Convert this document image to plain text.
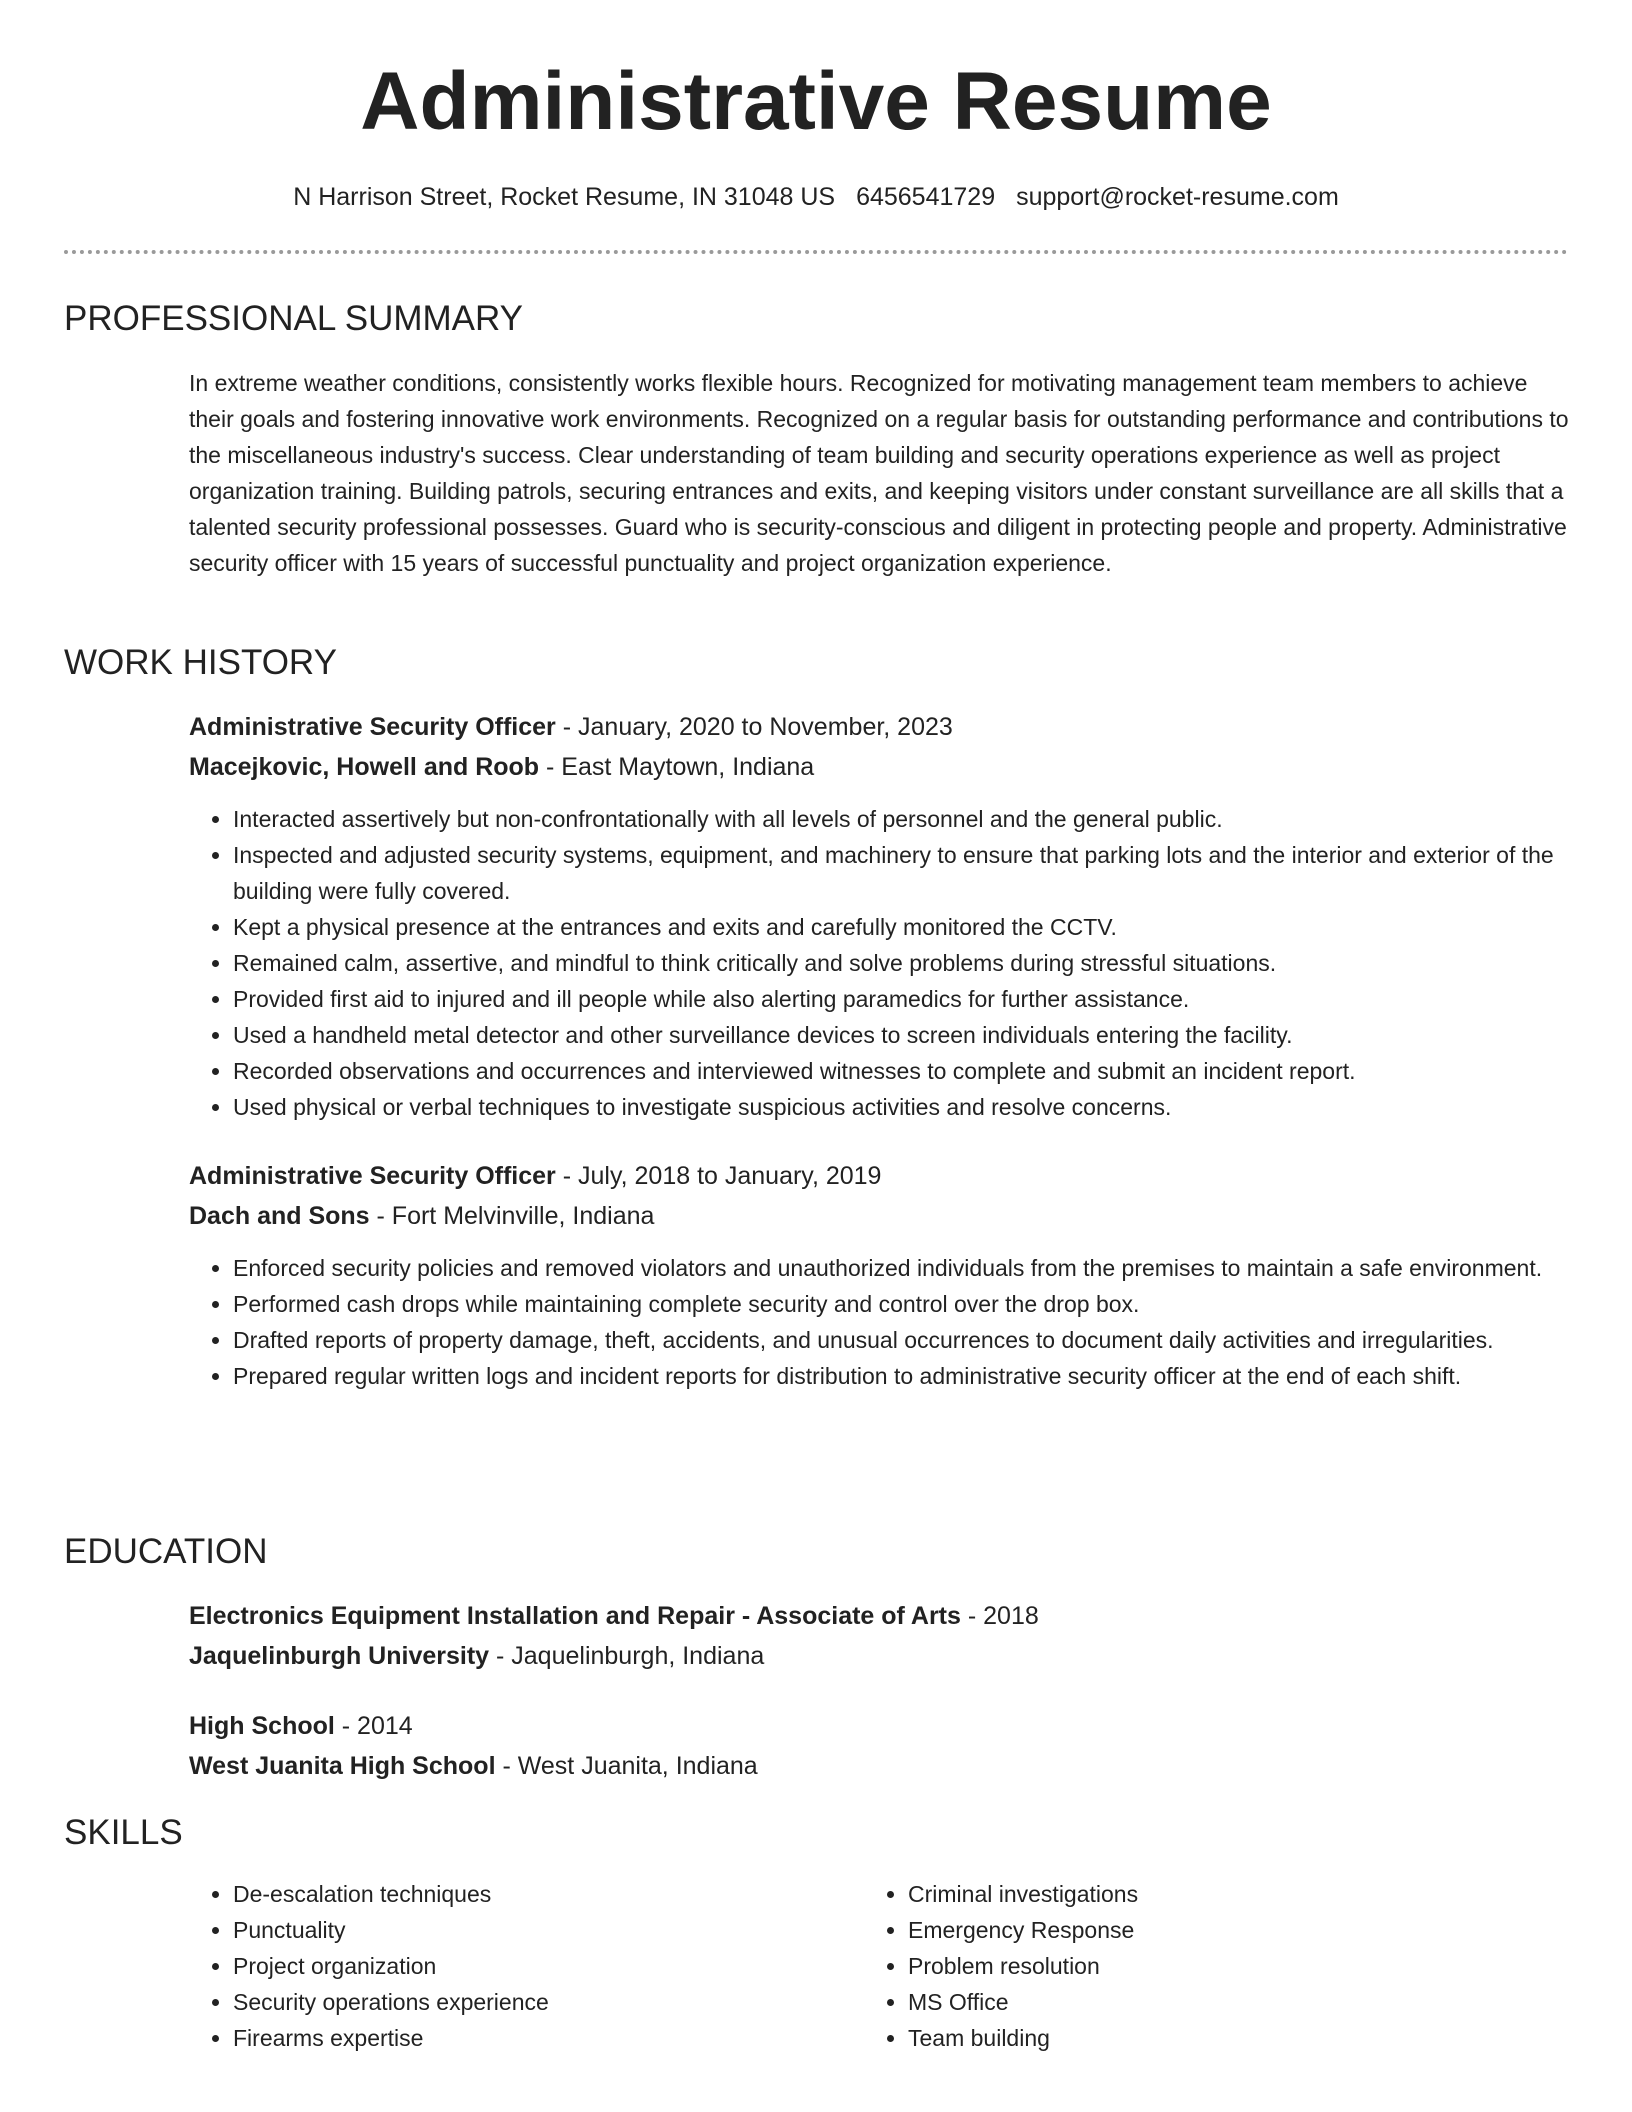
Administrative Resume
N Harrison Street, Rocket Resume, IN 31048 US 6456541729 support@rocket-resume.com
PROFESSIONAL SUMMARY

In extreme weather conditions, consistently works flexible hours. Recognized for motivating management team members to achieve their goals and fostering innovative work environments. Recognized on a regular basis for outstanding performance and contributions to the miscellaneous industry's success. Clear understanding of team building and security operations experience as well as project organization training. Building patrols, securing entrances and exits, and keeping visitors under constant surveillance are all skills that a talented security professional possesses. Guard who is security-conscious and diligent in protecting people and property. Administrative security officer with 15 years of successful punctuality and project organization experience.

WORK HISTORY
Administrative Security Officer - January, 2020 to November, 2023
Macejkovic, Howell and Roob - East Maytown, Indiana
• Interacted assertively but non-confrontationally with all levels of personnel and the general public.
• Inspected and adjusted security systems, equipment, and machinery to ensure that parking lots and the interior and exterior of the building were fully covered.
• Kept a physical presence at the entrances and exits and carefully monitored the CCTV.
• Remained calm, assertive, and mindful to think critically and solve problems during stressful situations.
• Provided first aid to injured and ill people while also alerting paramedics for further assistance.
• Used a handheld metal detector and other surveillance devices to screen individuals entering the facility.
• Recorded observations and occurrences and interviewed witnesses to complete and submit an incident report.
• Used physical or verbal techniques to investigate suspicious activities and resolve concerns.
Administrative Security Officer - July, 2018 to January, 2019
Dach and Sons - Fort Melvinville, Indiana
• Enforced security policies and removed violators and unauthorized individuals from the premises to maintain a safe environment.
• Performed cash drops while maintaining complete security and control over the drop box.
• Drafted reports of property damage, theft, accidents, and unusual occurrences to document daily activities and irregularities.
• Prepared regular written logs and incident reports for distribution to administrative security officer at the end of each shift.
EDUCATION
Electronics Equipment Installation and Repair - Associate of Arts - 2018
Jaquelinburgh University - Jaquelinburgh, Indiana
High School - 2014
West Juanita High School - West Juanita, Indiana
SKILLS
• De-escalation techniques
• Punctuality
• Project organization
• Security operations experience
• Firearms expertise
• Criminal investigations
• Emergency Response
• Problem resolution
• MS Office
• Team building
